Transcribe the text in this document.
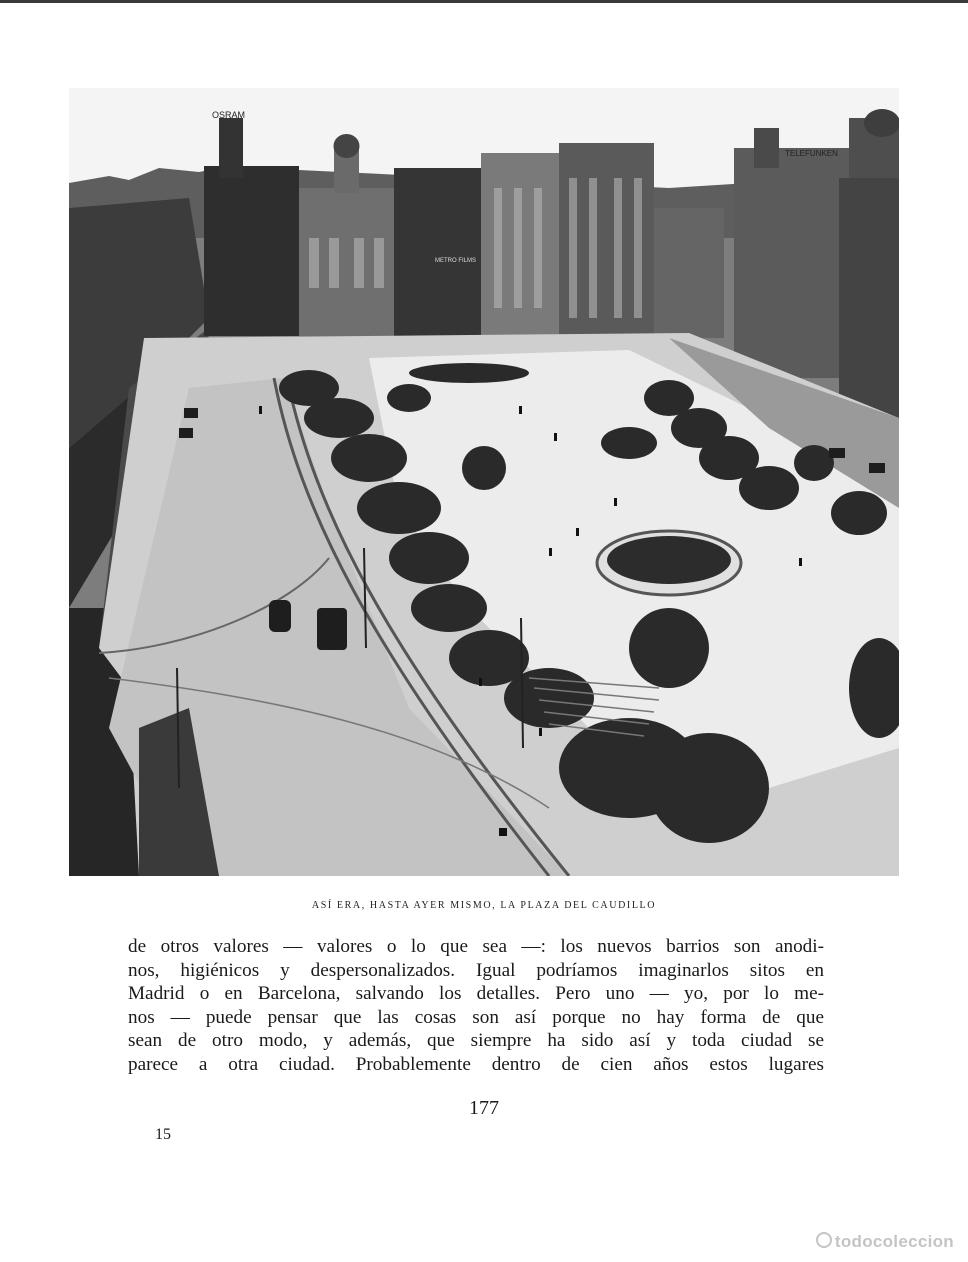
OSRAM
TELEFUNKEN
METRO FILMS
ASÍ ERA, HASTA AYER MISMO, LA PLAZA DEL CAUDILLO
de otros valores — valores o lo que sea —: los nuevos barrios son anodi-
nos, higiénicos y despersonalizados. Igual podríamos imaginarlos sitos en
Madrid o en Barcelona, salvando los detalles. Pero uno — yo, por lo me-
nos — puede pensar que las cosas son así porque no hay forma de que
sean de otro modo, y además, que siempre ha sido así y toda ciudad se
parece a otra ciudad. Probablemente dentro de cien años estos lugares
177
15
todocoleccion
